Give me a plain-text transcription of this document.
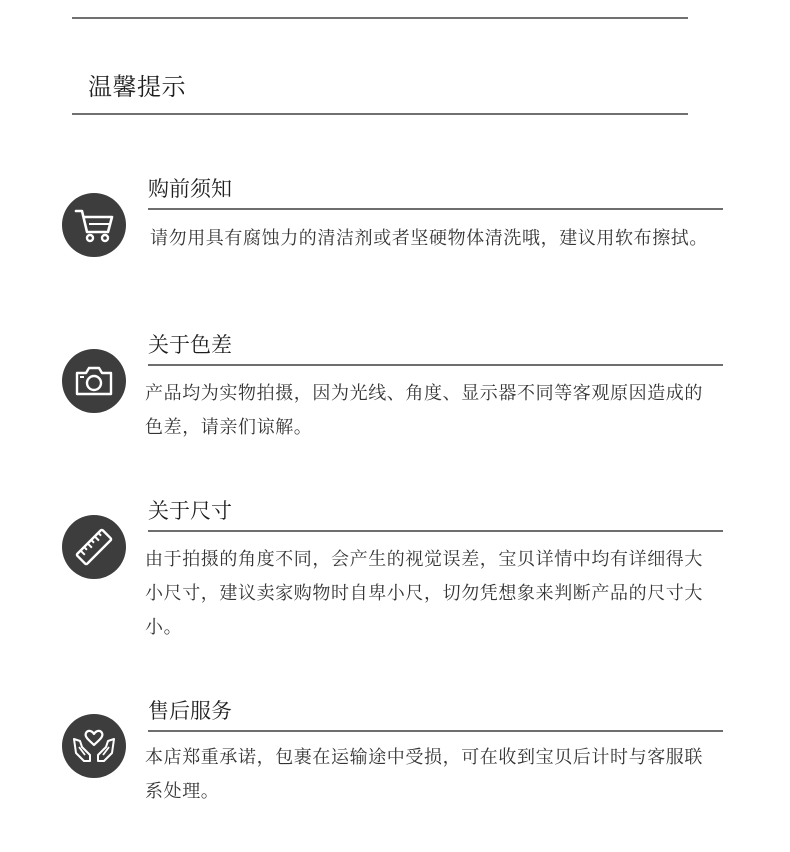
温馨提示
购前须知
请勿用具有腐蚀力的清洁剂或者坚硬物体清洗哦，建议用软布擦拭。
关于色差
产品均为实物拍摄，因为光线、角度、显示器不同等客观原因造成的色差，请亲们谅解。
关于尺寸
由于拍摄的角度不同，会产生的视觉误差，宝贝详情中均有详细得大小尺寸，建议卖家购物时自卑小尺，切勿凭想象来判断产品的尺寸大小。
售后服务
本店郑重承诺，包裹在运输途中受损，可在收到宝贝后计时与客服联系处理。
